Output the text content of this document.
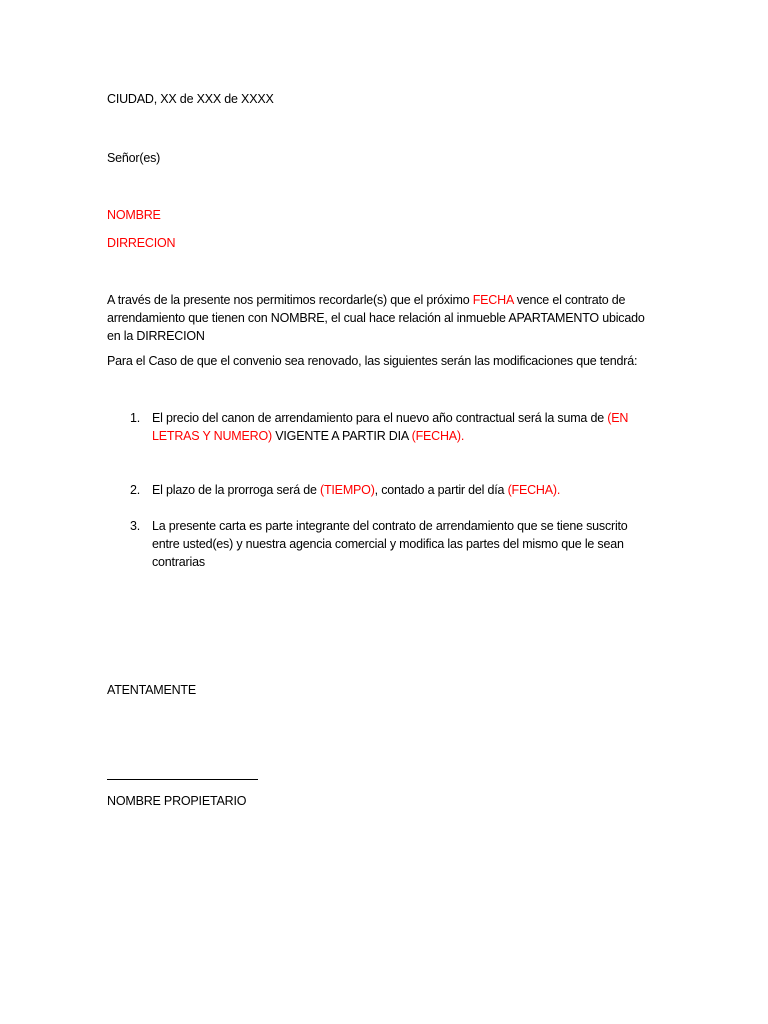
CIUDAD, XX de XXX de XXXX
Señor(es)
NOMBRE
DIRRECION
A través de la presente nos permitimos recordarle(s) que el próximo FECHA vence el contrato de arrendamiento que tienen con NOMBRE, el cual hace relación al inmueble APARTAMENTO ubicado en la DIRRECION
Para el Caso de que el convenio sea renovado, las siguientes serán las modificaciones que tendrá:
1. El precio del canon de arrendamiento para el nuevo año contractual será la suma de (EN LETRAS Y NUMERO) VIGENTE A PARTIR DIA (FECHA).
2. El plazo de la prorroga será de (TIEMPO), contado a partir del día (FECHA).
3. La presente carta es parte integrante del contrato de arrendamiento que se tiene suscrito entre usted(es) y nuestra agencia comercial y modifica las partes del mismo que le sean contrarias
ATENTAMENTE
NOMBRE PROPIETARIO
